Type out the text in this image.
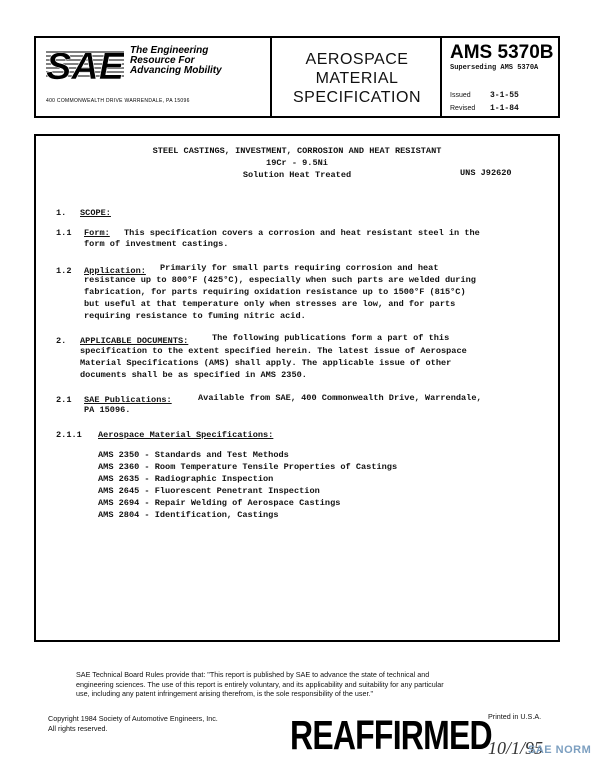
SAE The Engineering
Resource For
Advancing Mobility
400 COMMONWEALTH DRIVE WARRENDALE, PA 15096
AEROSPACE
MATERIAL
SPECIFICATION
AMS 5370B
Superseding AMS 5370A
Issued 3-1-55
Revised 1-1-84
STEEL CASTINGS, INVESTMENT, CORROSION AND HEAT RESISTANT
19Cr - 9.5Ni
Solution Heat Treated	UNS J92620
1. SCOPE:
1.1 Form: This specification covers a corrosion and heat resistant steel in the
form of investment castings.
1.2 Application: Primarily for small parts requiring corrosion and heat
resistance up to 800°F (425°C), especially when such parts are welded during
fabrication, for parts requiring oxidation resistance up to 1500°F (815°C)
but useful at that temperature only when stresses are low, and for parts
requiring resistance to fuming nitric acid.
2. APPLICABLE DOCUMENTS:	The following publications form a part of this
specification to the extent specified herein. The latest issue of Aerospace
Material Specifications (AMS) shall apply. The applicable issue of other
documents shall be as specified in AMS 2350.
2.1 SAE Publications:	Available from SAE, 400 Commonwealth Drive, Warrendale,
PA 15096.
2.1.1 Aerospace Material Specifications:
AMS 2350 - Standards and Test Methods
AMS 2360 - Room Temperature Tensile Properties of Castings
AMS 2635 - Radiographic Inspection
AMS 2645 - Fluorescent Penetrant Inspection
AMS 2694 - Repair Welding of Aerospace Castings
AMS 2804 - Identification, Castings
SAE Technical Board Rules provide that: "This report is published by SAE to advance the state of technical and
engineering sciences. The use of this report is entirely voluntary, and its applicability and suitability for any particular
use, including any patent infringement arising therefrom, is the sole responsibility of the user."
Copyright 1984 Society of Automotive Engineers, Inc.
All rights reserved.
Printed in U.S.A.
REAFFIRMED
10/1/95
SAE NORM
